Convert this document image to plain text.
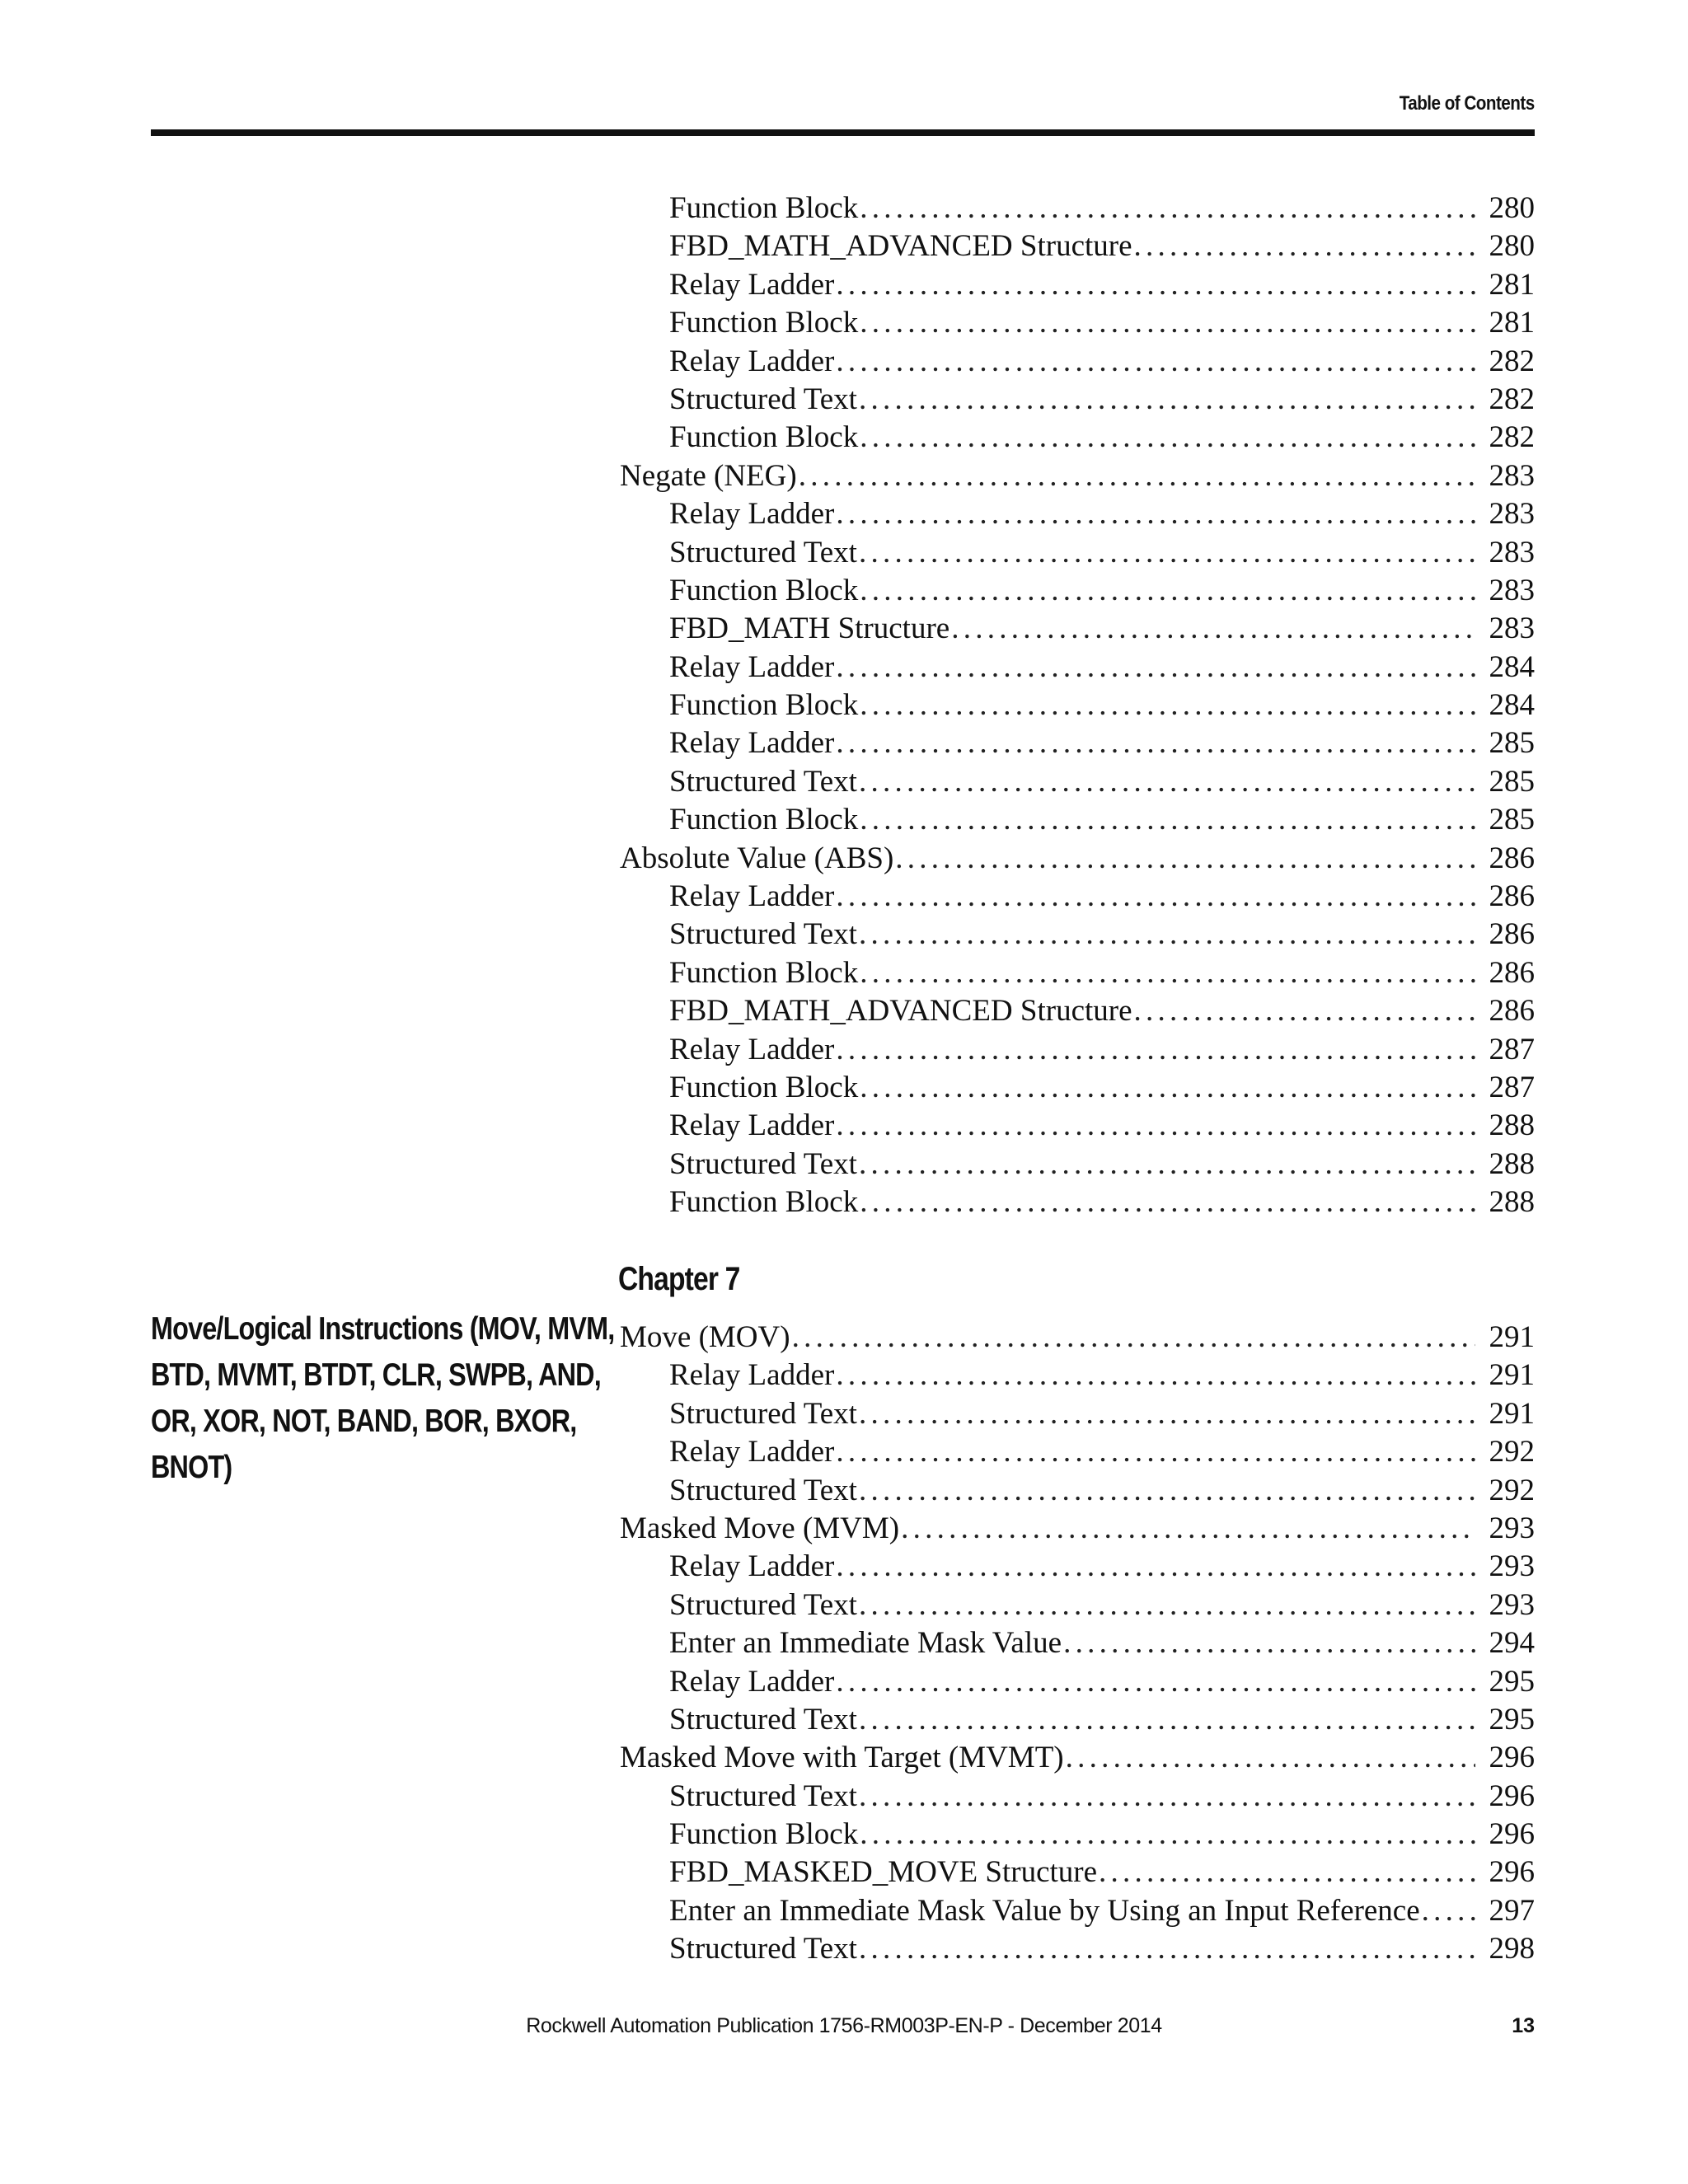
Table of Contents
Function Block . . .	280
FBD_MATH_ADVANCED Structure . . .	280
Relay Ladder . . .	281
Function Block . . .	281
Relay Ladder . . .	282
Structured Text . . .	282
Function Block . . .	282
Negate (NEG) . . .	283
Relay Ladder . . .	283
Structured Text . . .	283
Function Block . . .	283
FBD_MATH Structure . . .	283
Relay Ladder . . .	284
Function Block . . .	284
Relay Ladder . . .	285
Structured Text . . .	285
Function Block . . .	285
Absolute Value (ABS) . . .	286
Relay Ladder . . .	286
Structured Text . . .	286
Function Block . . .	286
FBD_MATH_ADVANCED Structure . . .	286
Relay Ladder . . .	287
Function Block . . .	287
Relay Ladder . . .	288
Structured Text . . .	288
Function Block . . .	288
Chapter 7
Move/Logical Instructions (MOV, MVM, BTD, MVMT, BTDT, CLR, SWPB, AND, OR, XOR, NOT, BAND, BOR, BXOR, BNOT)
Move (MOV) . . .	291
Relay Ladder . . .	291
Structured Text . . .	291
Relay Ladder . . .	292
Structured Text . . .	292
Masked Move (MVM) . . .	293
Relay Ladder . . .	293
Structured Text . . .	293
Enter an Immediate Mask Value . . .	294
Relay Ladder . . .	295
Structured Text . . .	295
Masked Move with Target (MVMT) . . .	296
Structured Text . . .	296
Function Block . . .	296
FBD_MASKED_MOVE Structure . . .	296
Enter an Immediate Mask Value by Using an Input Reference . . . 297
Structured Text . . .	298
Rockwell Automation Publication 1756-RM003P-EN-P - December 2014	13
